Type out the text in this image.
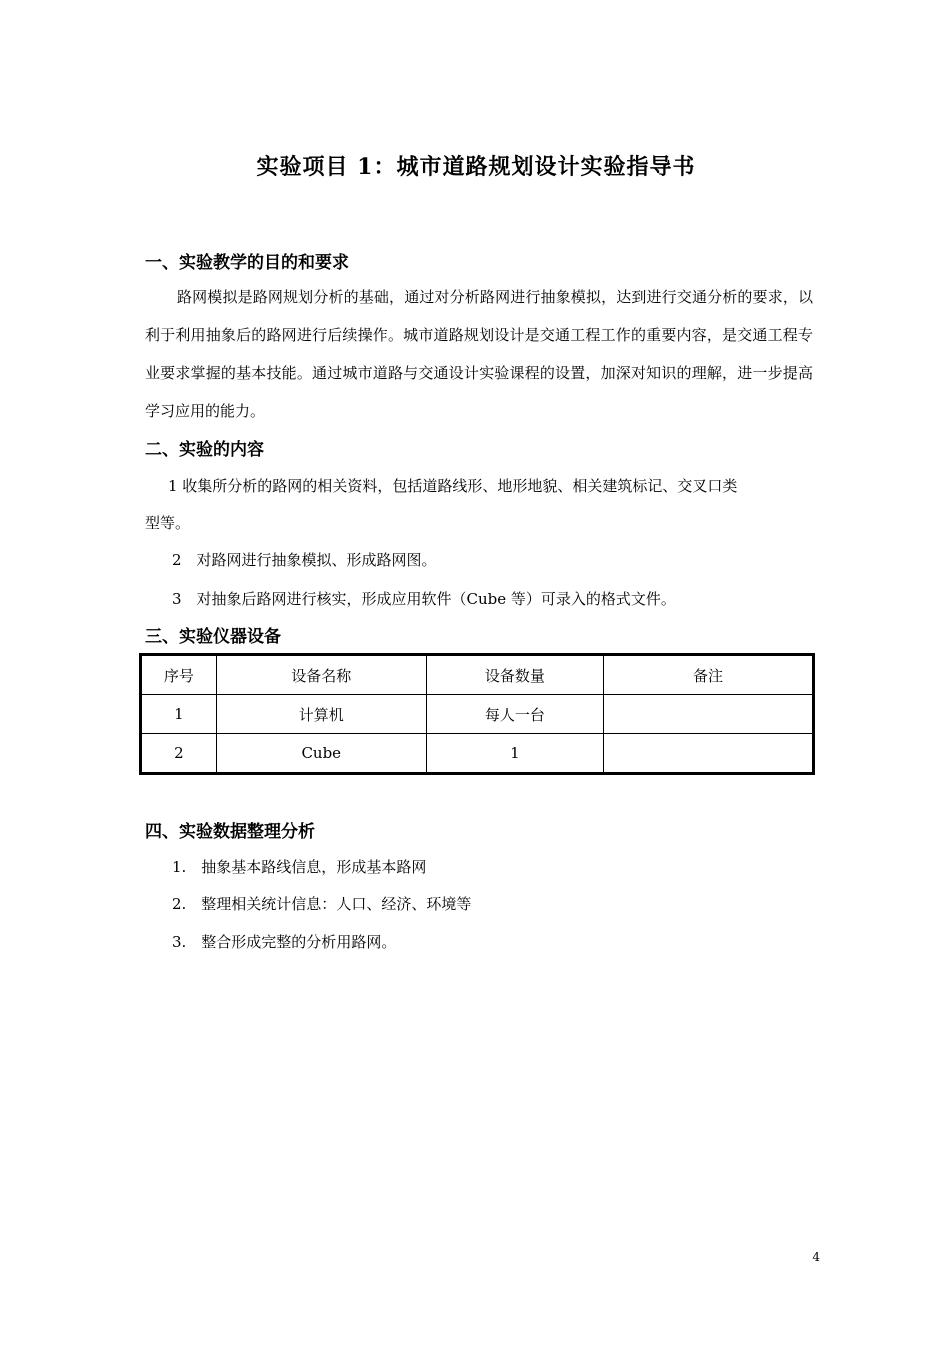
实验项目 1：城市道路规划设计实验指导书
一、实验教学的目的和要求
路网模拟是路网规划分析的基础，通过对分析路网进行抽象模拟，达到进行交通分析的要求，以利于利用抽象后的路网进行后续操作。城市道路规划设计是交通工程工作的重要内容，是交通工程专业要求掌握的基本技能。通过城市道路与交通设计实验课程的设置，加深对知识的理解，进一步提高学习应用的能力。
二、实验的内容
1 收集所分析的路网的相关资料，包括道路线形、地形地貌、相关建筑标记、交叉口类
型等。
2　对路网进行抽象模拟、形成路网图。
3　对抽象后路网进行核实，形成应用软件（Cube 等）可录入的格式文件。
三、实验仪器设备
序号	设备名称	设备数量	备注
1	计算机	每人一台	
2	Cube	1	
四、实验数据整理分析
1.　抽象基本路线信息，形成基本路网
2.　整理相关统计信息：人口、经济、环境等
3.　整合形成完整的分析用路网。
4
